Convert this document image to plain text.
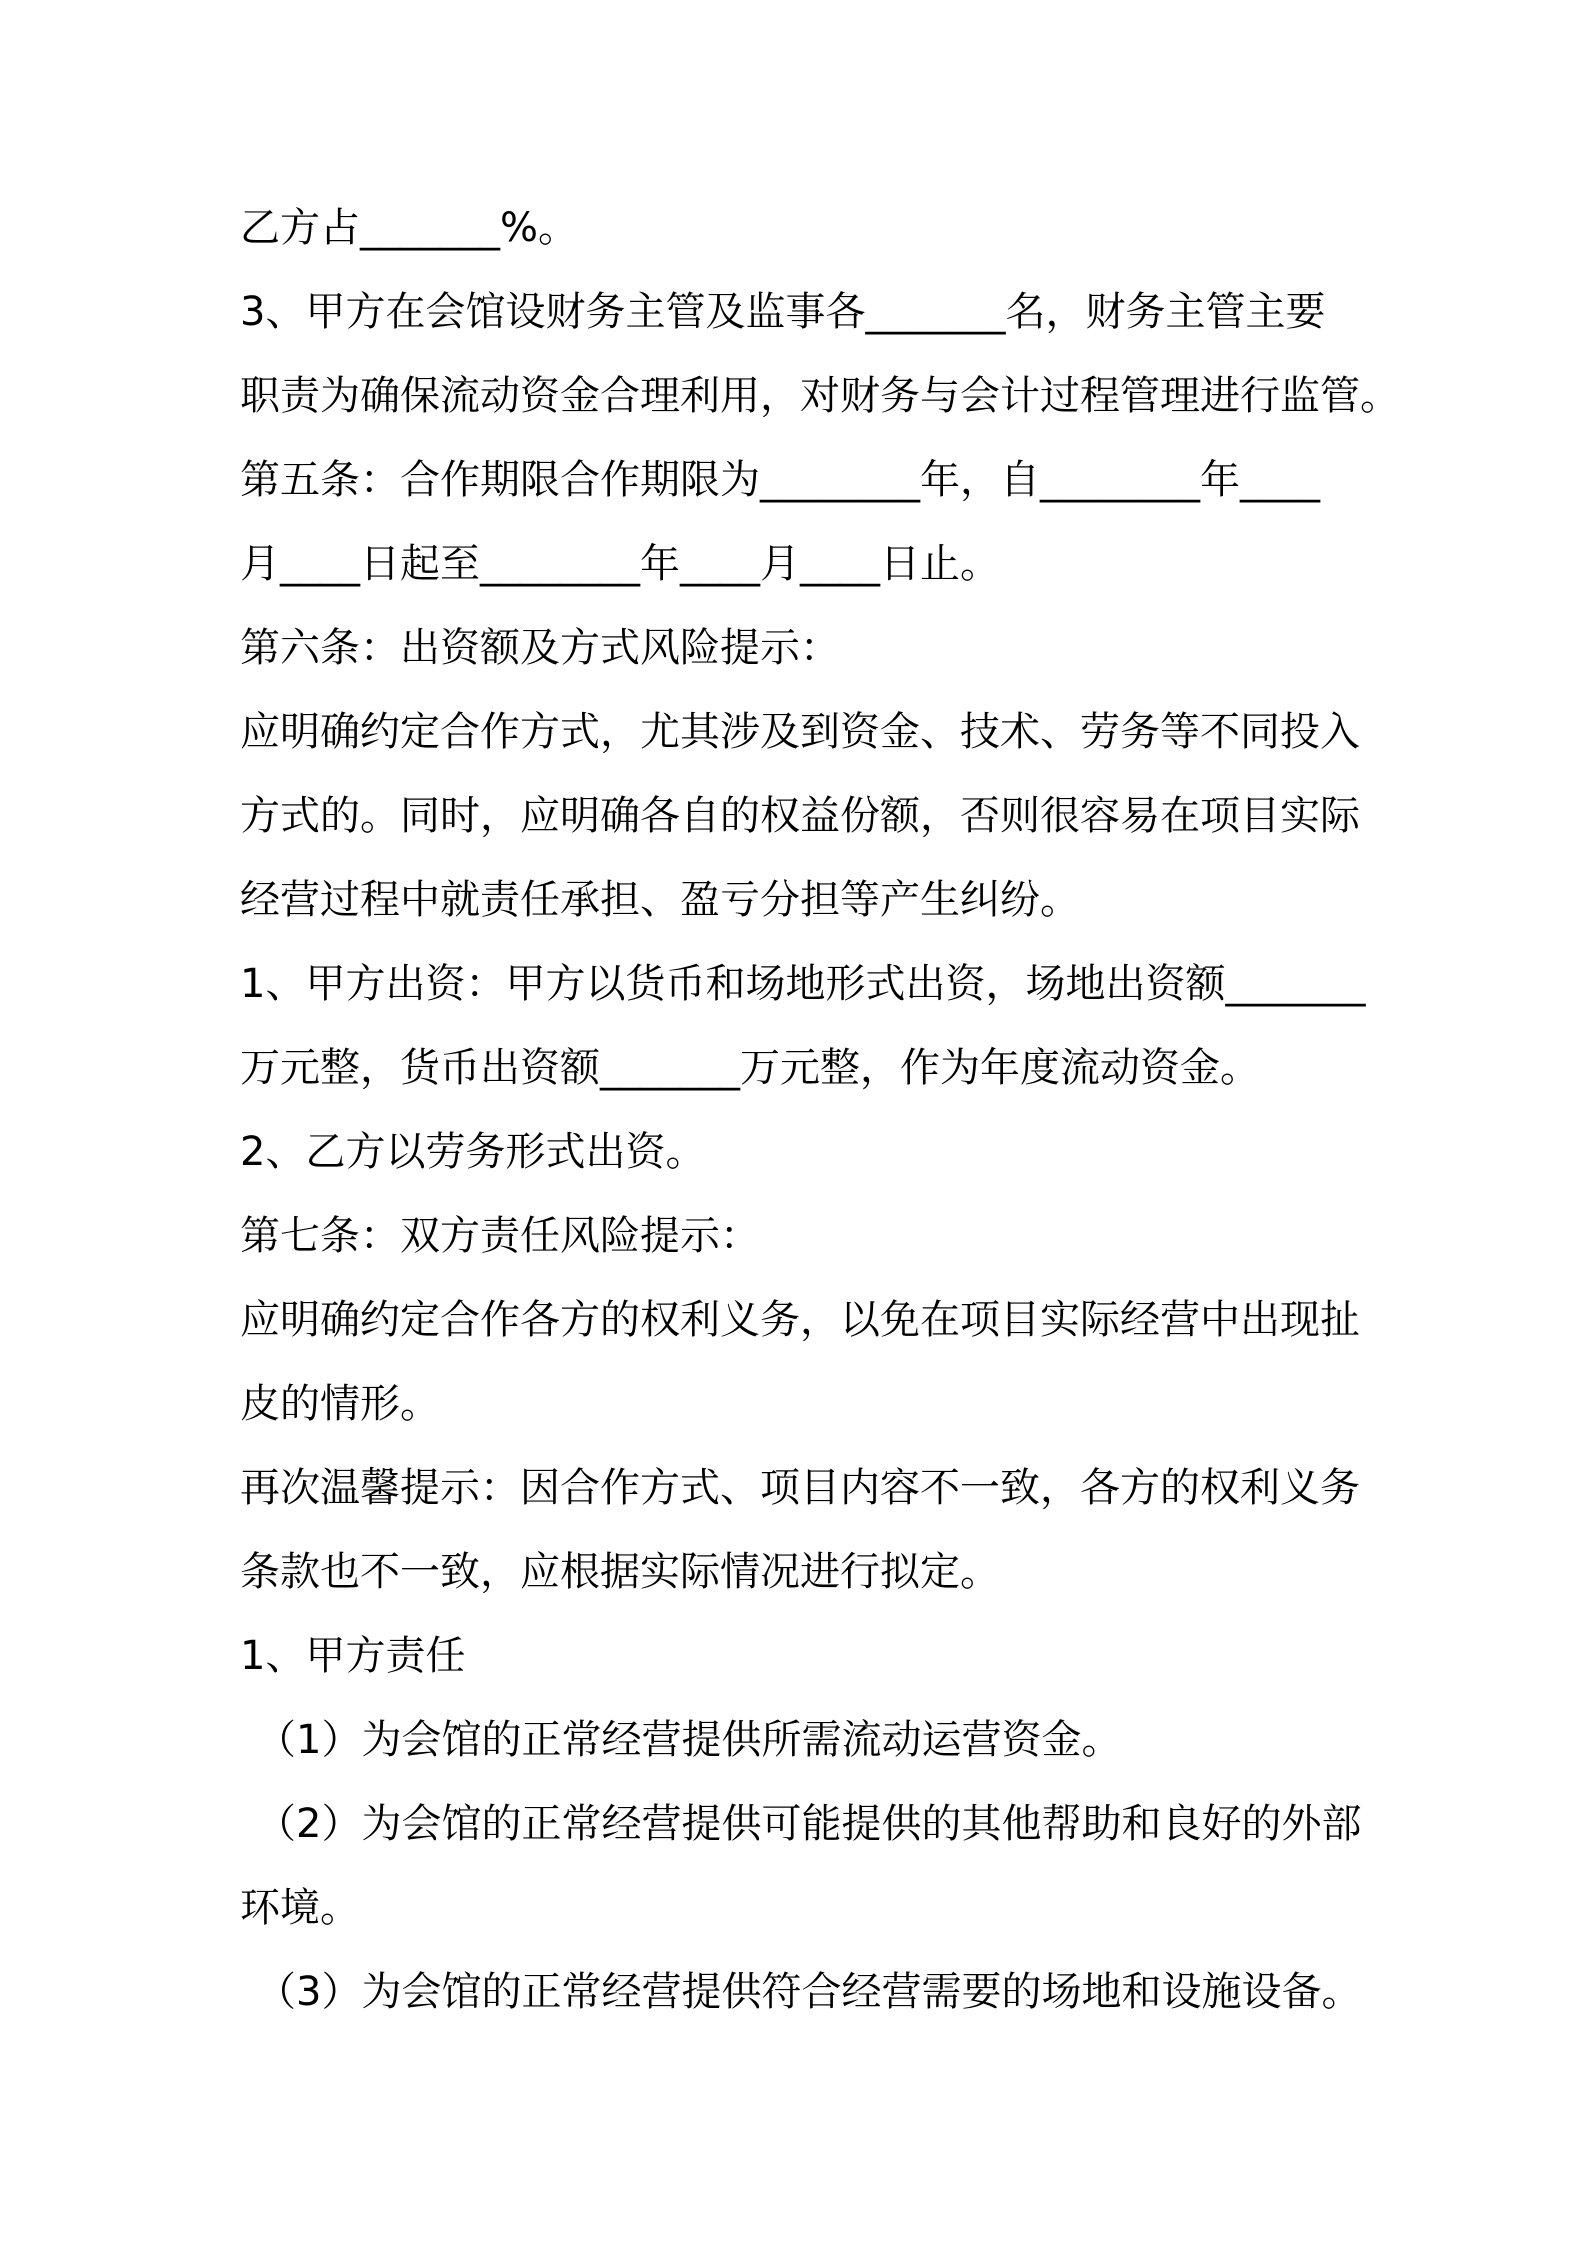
乙方占_______%。
3、甲方在会馆设财务主管及监事各_______名，财务主管主要
职责为确保流动资金合理利用，对财务与会计过程管理进行监管。
第五条：合作期限合作期限为________年，自________年____
月____日起至________年____月____日止。
第六条：出资额及方式风险提示：
应明确约定合作方式，尤其涉及到资金、技术、劳务等不同投入
方式的。同时，应明确各自的权益份额，否则很容易在项目实际
经营过程中就责任承担、盈亏分担等产生纠纷。
1、甲方出资：甲方以货币和场地形式出资，场地出资额_______
万元整，货币出资额_______万元整，作为年度流动资金。
2、乙方以劳务形式出资。
第七条：双方责任风险提示：
应明确约定合作各方的权利义务，以免在项目实际经营中出现扯
皮的情形。
再次温馨提示：因合作方式、项目内容不一致，各方的权利义务
条款也不一致，应根据实际情况进行拟定。
1、甲方责任
（1）为会馆的正常经营提供所需流动运营资金。
（2）为会馆的正常经营提供可能提供的其他帮助和良好的外部
环境。
（3）为会馆的正常经营提供符合经营需要的场地和设施设备。
